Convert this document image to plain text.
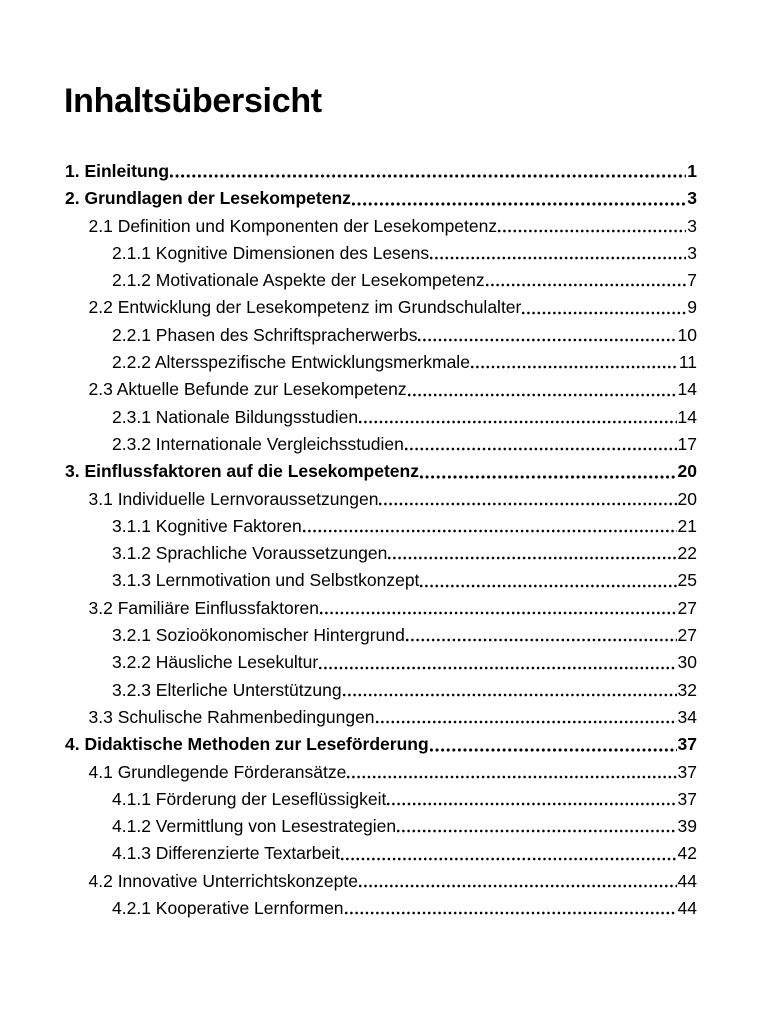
Inhaltsübersicht
1. Einleitung	1
2. Grundlagen der Lesekompetenz	3
2.1 Definition und Komponenten der Lesekompetenz	3
2.1.1 Kognitive Dimensionen des Lesens	3
2.1.2 Motivationale Aspekte der Lesekompetenz	7
2.2 Entwicklung der Lesekompetenz im Grundschulalter	9
2.2.1 Phasen des Schriftspracherwerbs	10
2.2.2 Altersspezifische Entwicklungsmerkmale	11
2.3 Aktuelle Befunde zur Lesekompetenz	14
2.3.1 Nationale Bildungsstudien	14
2.3.2 Internationale Vergleichsstudien	17
3. Einflussfaktoren auf die Lesekompetenz	20
3.1 Individuelle Lernvoraussetzungen	20
3.1.1 Kognitive Faktoren	21
3.1.2 Sprachliche Voraussetzungen	22
3.1.3 Lernmotivation und Selbstkonzept	25
3.2 Familiäre Einflussfaktoren	27
3.2.1 Sozioökonomischer Hintergrund	27
3.2.2 Häusliche Lesekultur	30
3.2.3 Elterliche Unterstützung	32
3.3 Schulische Rahmenbedingungen	34
4. Didaktische Methoden zur Leseförderung	37
4.1 Grundlegende Förderansätze	37
4.1.1 Förderung der Leseflüssigkeit	37
4.1.2 Vermittlung von Lesestrategien	39
4.1.3 Differenzierte Textarbeit	42
4.2 Innovative Unterrichtskonzepte	44
4.2.1 Kooperative Lernformen	44
